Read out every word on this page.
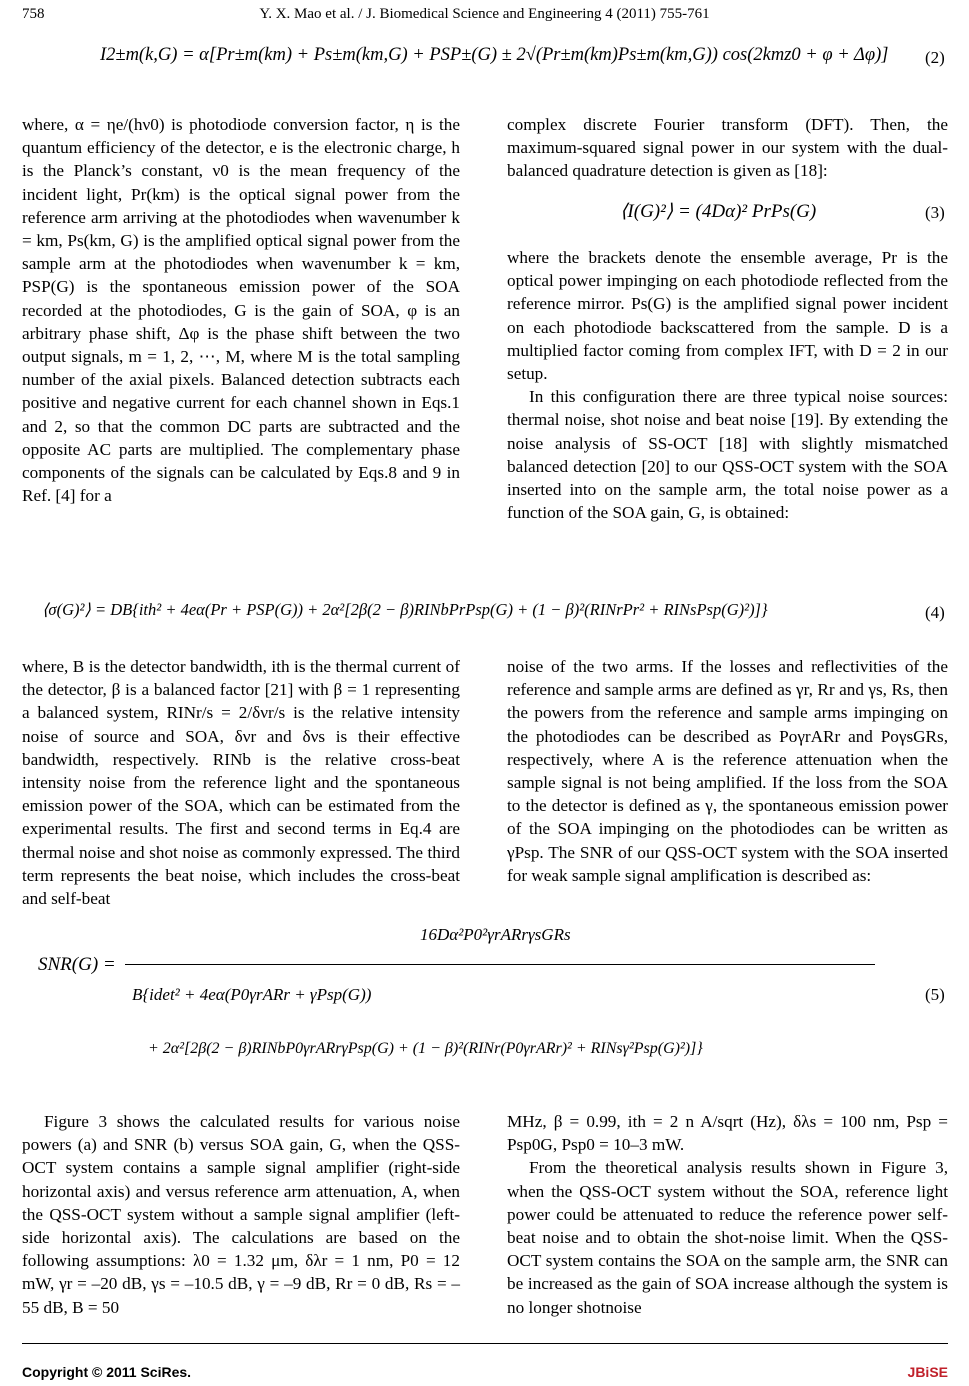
758	Y. X. Mao et al. / J. Biomedical Science and Engineering 4 (2011) 755-761
I2±m(k,G) = α[Pr±m(km) + Ps±m(km,G) + PSP±(G) ± 2√(Pr±m(km)Ps±m(km,G)) cos(2kmz0 + φ + Δφ)] (2)

where, α = ηe/(hν0) is photodiode conversion factor, η is the quantum efficiency of the detector, e is the electronic charge, h is the Planck’s constant, ν0 is the mean frequency of the incident light, Pr(km) is the optical signal power from the reference arm arriving at the photodiodes when wavenumber k = km, Ps(km, G) is the amplified optical signal power from the sample arm at the photodiodes when wavenumber k = km, PSP(G) is the spontaneous emission power of the SOA recorded at the photodiodes, G is the gain of SOA, φ is an arbitrary phase shift, Δφ is the phase shift between the two output signals, m = 1, 2, ⋯, M, where M is the total sampling number of the axial pixels. Balanced detection subtracts each positive and negative current for each channel shown in Eqs.1 and 2, so that the common DC parts are subtracted and the opposite AC parts are multiplied. The complementary phase components of the signals can be calculated by Eqs.8 and 9 in Ref. [4] for a

complex discrete Fourier transform (DFT). Then, the maximum-squared signal power in our system with the dual-balanced quadrature detection is given as [18]:

⟨I(G)²⟩ = (4Dα)² PrPs(G)	(3)

where the brackets denote the ensemble average, Pr is the optical power impinging on each photodiode reflected from the reference mirror. Ps(G) is the amplified signal power incident on each photodiode backscattered from the sample. D is a multiplied factor coming from complex IFT, with D = 2 in our setup.

In this configuration there are three typical noise sources: thermal noise, shot noise and beat noise [19]. By extending the noise analysis of SS-OCT [18] with slightly mismatched balanced detection [20] to our QSS-OCT system with the SOA inserted into on the sample arm, the total noise power as a function of the SOA gain, G, is obtained:

⟨σ(G)²⟩ = DB{ith² + 4eα(Pr + PSP(G)) + 2α²[2β(2 − β)RINbPrPsp(G) + (1 − β)²(RINrPr² + RINsPsp(G)²)]}	(4)

where, B is the detector bandwidth, ith is the thermal current of the detector, β is a balanced factor [21] with β = 1 representing a balanced system, RINr/s = 2/δνr/s is the relative intensity noise of source and SOA, δνr and δνs is their effective bandwidth, respectively. RINb is the relative cross-beat intensity noise from the reference light and the spontaneous emission power of the SOA, which can be estimated from the experimental results. The first and second terms in Eq.4 are thermal noise and shot noise as commonly expressed. The third term represents the beat noise, which includes the cross-beat and self-beat

noise of the two arms. If the losses and reflectivities of the reference and sample arms are defined as γr, Rr and γs, Rs, then the powers from the reference and sample arms impinging on the photodiodes can be described as PoγrARr and PoγsGRs, respectively, where A is the reference attenuation when the sample signal is not being amplified. If the loss from the SOA to the detector is defined as γ, the spontaneous emission power of the SOA impinging on the photodiodes can be written as γPsp. The SNR of our QSS-OCT system with the SOA inserted for weak sample signal amplification is described as:

SNR(G) =
16Dα²P0²γrARrγsGRs
B{idet² + 4eα(P0γrARr + γPsp(G))
+ 2α²[2β(2 − β)RINbP0γrARrγPsp(G) + (1 − β)²(RINr(P0γrARr)² + RINsγ²Psp(G)²)]}
(5)

Figure 3 shows the calculated results for various noise powers (a) and SNR (b) versus SOA gain, G, when the QSS-OCT system contains a sample signal amplifier (right-side horizontal axis) and versus reference arm attenuation, A, when the QSS-OCT system without a sample signal amplifier (left-side horizontal axis). The calculations are based on the following assumptions: λ0 = 1.32 μm, δλr = 1 nm, P0 = 12 mW, γr = –20 dB, γs = –10.5 dB, γ = –9 dB, Rr = 0 dB, Rs = –55 dB, B = 50

MHz, β = 0.99, ith = 2 n A/sqrt (Hz), δλs = 100 nm, Psp = Psp0G, Psp0 = 10–3 mW.

From the theoretical analysis results shown in Figure 3, when the QSS-OCT system without the SOA, reference light power could be attenuated to reduce the reference power self-beat noise and to obtain the shot-noise limit. When the QSS-OCT system contains the SOA on the sample arm, the SNR can be increased as the gain of SOA increase although the system is no longer shotnoise

Copyright © 2011 SciRes.	JBiSE
